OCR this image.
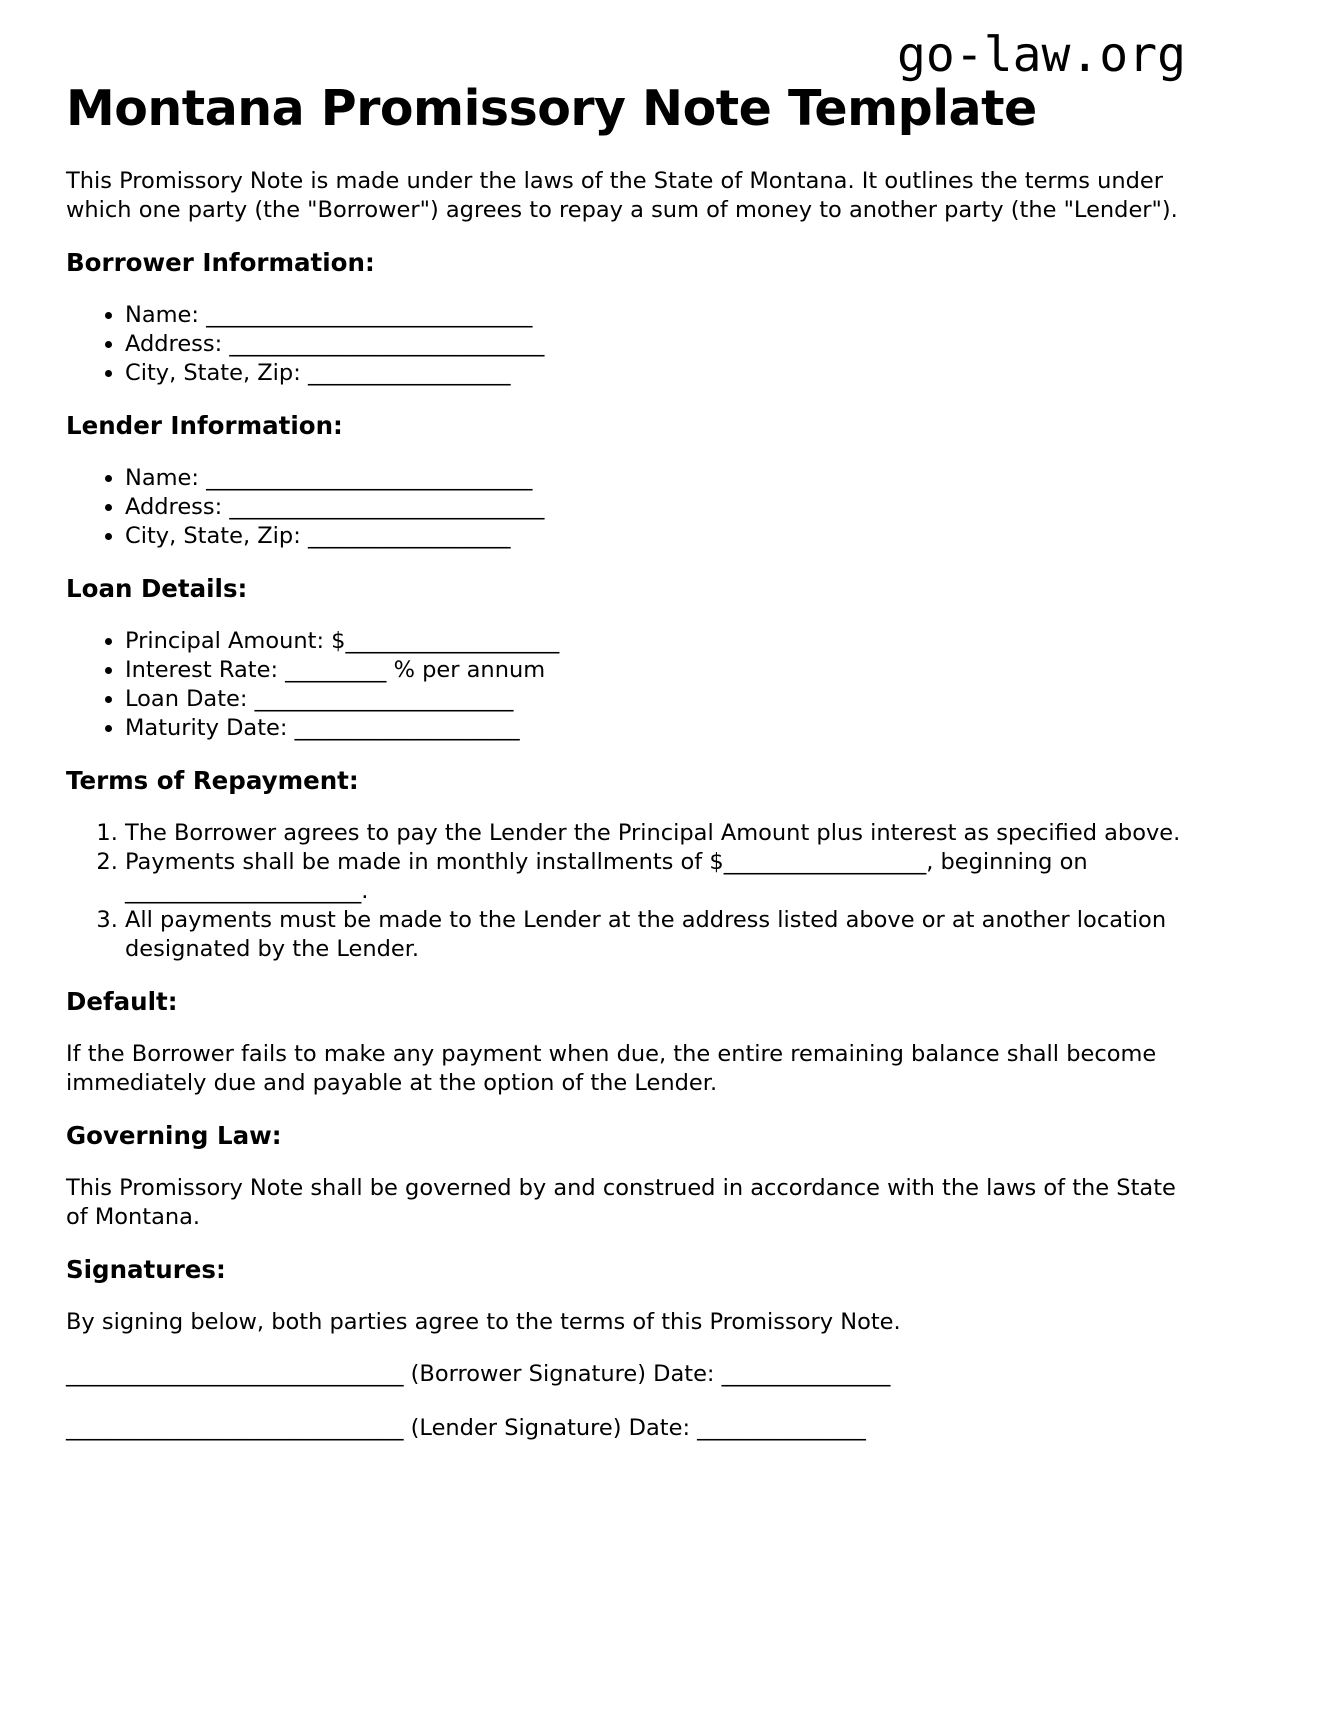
go-law.org
Montana Promissory Note Template

This Promissory Note is made under the laws of the State of Montana. It outlines the terms under which one party (the "Borrower") agrees to repay a sum of money to another party (the "Lender").

Borrower Information:
• Name: _____________________________
• Address: ____________________________
• City, State, Zip: __________________
Lender Information:
• Name: _____________________________
• Address: ____________________________
• City, State, Zip: __________________
Loan Details:
• Principal Amount: $___________________
• Interest Rate: _________ % per annum
• Loan Date: _______________________
• Maturity Date: ____________________
Terms of Repayment:
1. The Borrower agrees to pay the Lender the Principal Amount plus interest as specified above.
2. Payments shall be made in monthly installments of $__________________, beginning on _____________________.
3. All payments must be made to the Lender at the address listed above or at another location designated by the Lender.
Default:

If the Borrower fails to make any payment when due, the entire remaining balance shall become immediately due and payable at the option of the Lender.

Governing Law:

This Promissory Note shall be governed by and construed in accordance with the laws of the State of Montana.

Signatures:

By signing below, both parties agree to the terms of this Promissory Note.

______________________________ (Borrower Signature) Date: _______________

______________________________ (Lender Signature) Date: _______________
